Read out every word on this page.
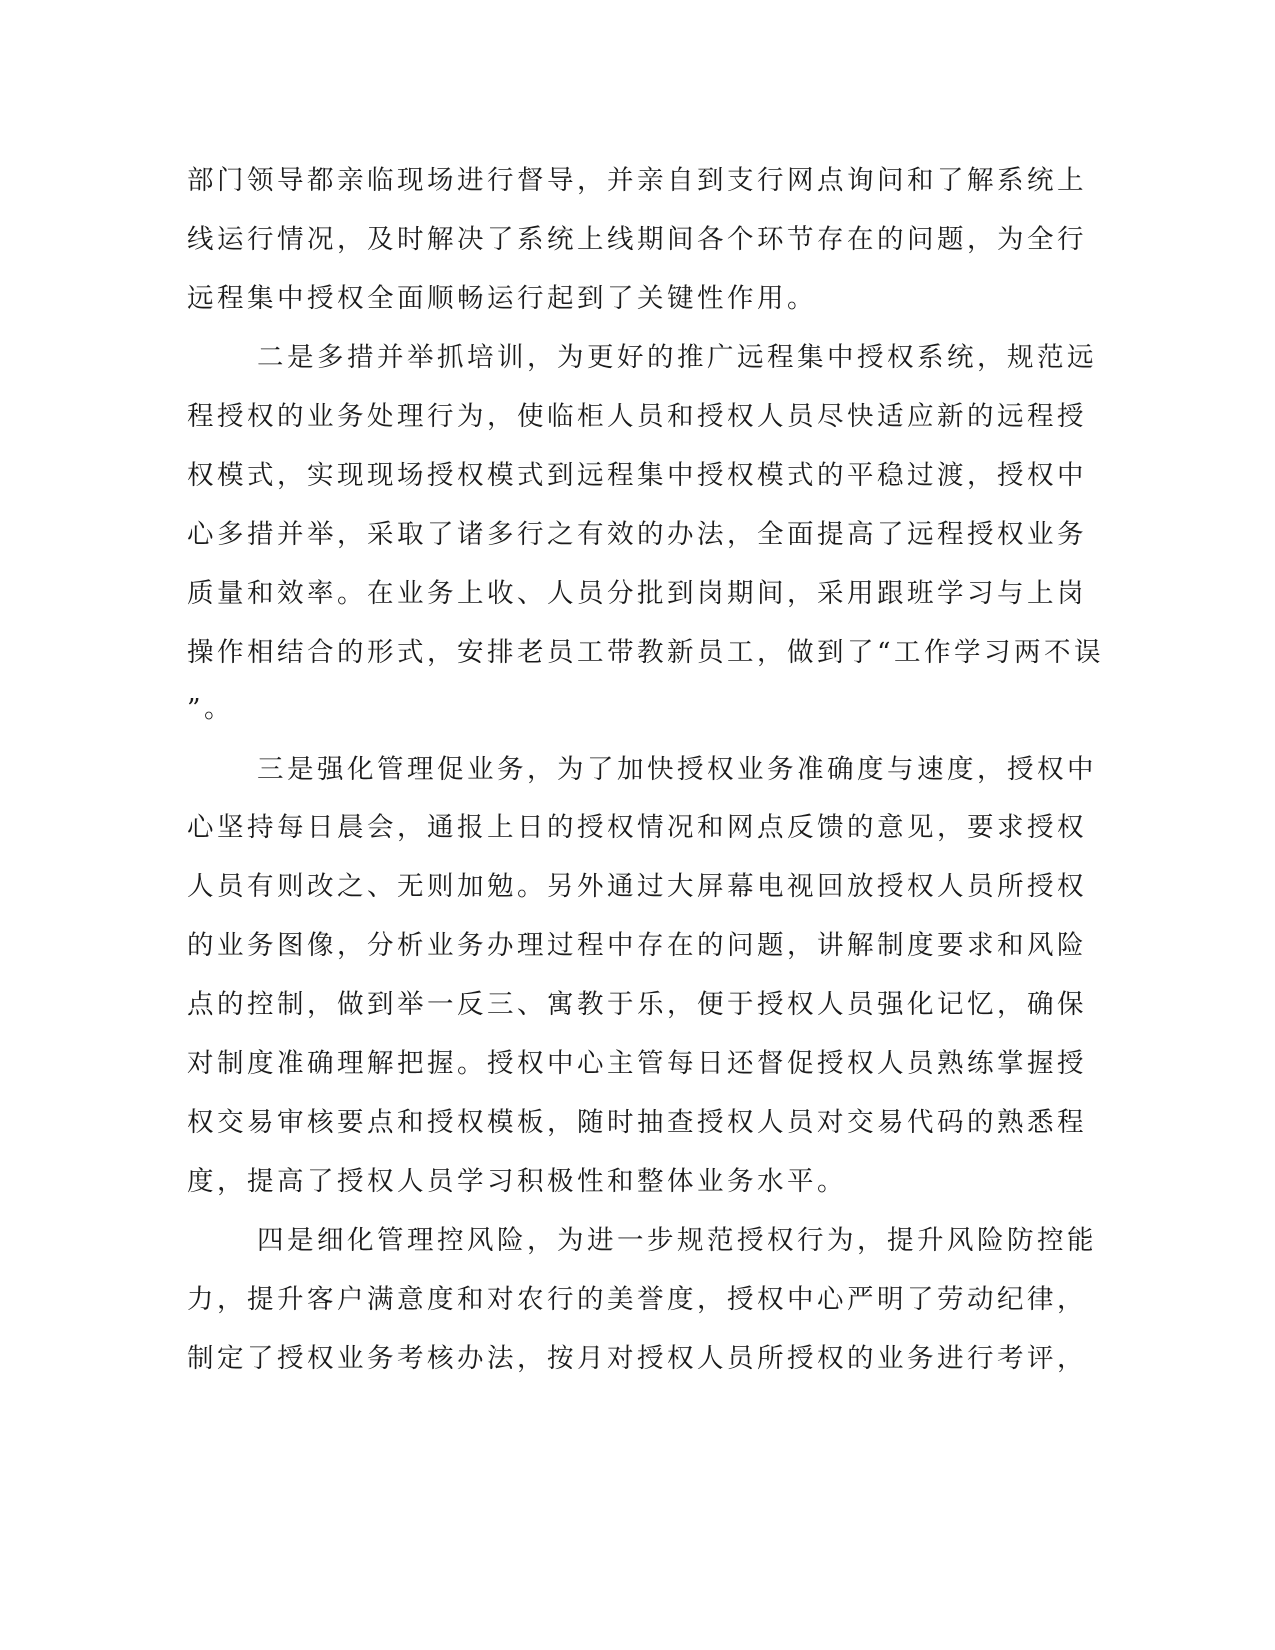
部门领导都亲临现场进行督导，并亲自到支行网点询问和了解系统上
线运行情况，及时解决了系统上线期间各个环节存在的问题，为全行
远程集中授权全面顺畅运行起到了关键性作用。
二是多措并举抓培训，为更好的推广远程集中授权系统，规范远
程授权的业务处理行为，使临柜人员和授权人员尽快适应新的远程授
权模式，实现现场授权模式到远程集中授权模式的平稳过渡，授权中
心多措并举，采取了诸多行之有效的办法，全面提高了远程授权业务
质量和效率。在业务上收、人员分批到岗期间，采用跟班学习与上岗
操作相结合的形式，安排老员工带教新员工，做到了“工作学习两不误
”。
三是强化管理促业务，为了加快授权业务准确度与速度，授权中
心坚持每日晨会，通报上日的授权情况和网点反馈的意见，要求授权
人员有则改之、无则加勉。另外通过大屏幕电视回放授权人员所授权
的业务图像，分析业务办理过程中存在的问题，讲解制度要求和风险
点的控制，做到举一反三、寓教于乐，便于授权人员强化记忆，确保
对制度准确理解把握。授权中心主管每日还督促授权人员熟练掌握授
权交易审核要点和授权模板，随时抽查授权人员对交易代码的熟悉程
度，提高了授权人员学习积极性和整体业务水平。
四是细化管理控风险，为进一步规范授权行为，提升风险防控能
力，提升客户满意度和对农行的美誉度，授权中心严明了劳动纪律，
制定了授权业务考核办法，按月对授权人员所授权的业务进行考评，
